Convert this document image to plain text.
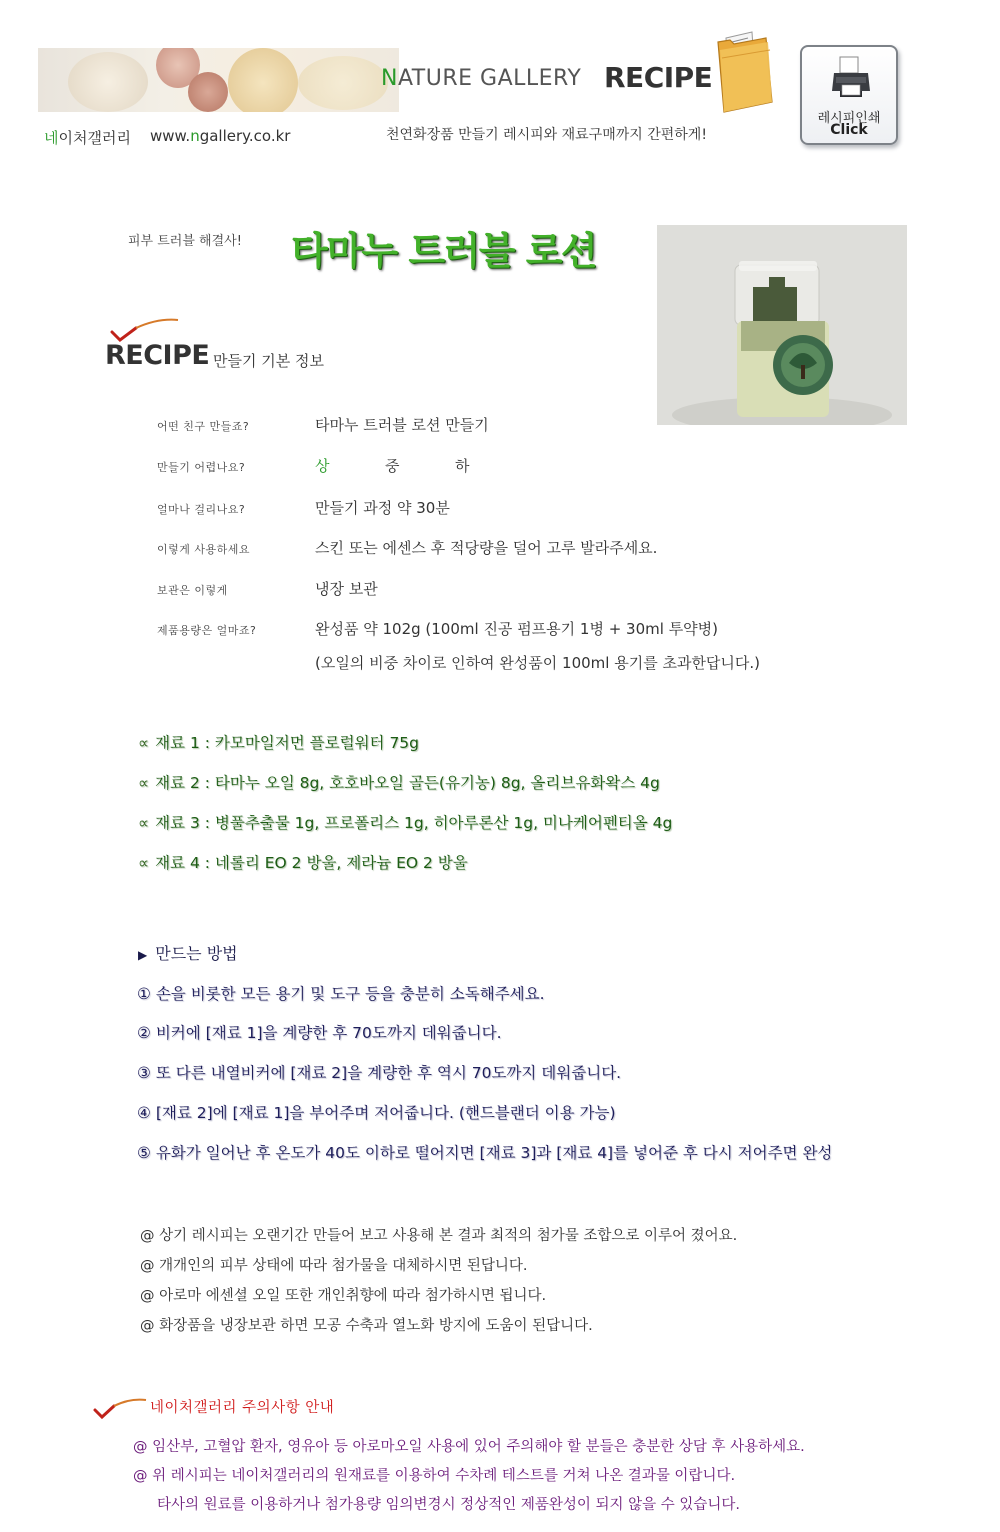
네이처갤러리 www.ngallery.co.kr
NATURE GALLERY RECIPE
천연화장품 만들기 레시피와 재료구매까지 간편하게!
레시피인쇄
Click
피부 트러블 해결사! 타마누 트러블 로션
RECIPE 만들기 기본 정보
어떤 친구 만들죠?	타마누 트러블 로션 만들기
만들기 어렵나요?	상	중	하
얼마나 걸리나요?	만들기 과정 약 30분
이렇게 사용하세요	스킨 또는 에센스 후 적당량을 덜어 고루 발라주세요.
보관은 이렇게	냉장 보관
제품용량은 얼마죠?	완성품 약 102g (100ml 진공 펌프용기 1병 + 30ml 투약병)
(오일의 비중 차이로 인하여 완성품이 100ml 용기를 초과한답니다.)
∝ 재료 1 : 카모마일저먼 플로럴워터 75g
∝ 재료 2 : 타마누 오일 8g, 호호바오일 골든(유기농) 8g, 올리브유화왁스 4g
∝ 재료 3 : 병풀추출물 1g, 프로폴리스 1g, 히아루론산 1g, 미나케어펜티올 4g
∝ 재료 4 : 네롤리 EO 2 방울, 제라늄 EO 2 방울
▶ 만드는 방법
① 손을 비롯한 모든 용기 및 도구 등을 충분히 소독해주세요.
② 비커에 [재료 1]을 계량한 후 70도까지 데워줍니다.
③ 또 다른 내열비커에 [재료 2]을 계량한 후 역시 70도까지 데워줍니다.
④ [재료 2]에 [재료 1]을 부어주며 저어줍니다. (핸드블랜더 이용 가능)
⑤ 유화가 일어난 후 온도가 40도 이하로 떨어지면 [재료 3]과 [재료 4]를 넣어준 후 다시 저어주면 완성
@ 상기 레시피는 오랜기간 만들어 보고 사용해 본 결과 최적의 첨가물 조합으로 이루어 졌어요.
@ 개개인의 피부 상태에 따라 첨가물을 대체하시면 된답니다.
@ 아로마 에센셜 오일 또한 개인취향에 따라 첨가하시면 됩니다.
@ 화장품을 냉장보관 하면 모공 수축과 열노화 방지에 도움이 된답니다.
네이처갤러리 주의사항 안내
@ 임산부, 고혈압 환자, 영유아 등 아로마오일 사용에 있어 주의해야 할 분들은 충분한 상담 후 사용하세요.
@ 위 레시피는 네이처갤러리의 원재료를 이용하여 수차례 테스트를 거쳐 나온 결과물 이랍니다.
타사의 원료를 이용하거나 첨가용량 임의변경시 정상적인 제품완성이 되지 않을 수 있습니다.
